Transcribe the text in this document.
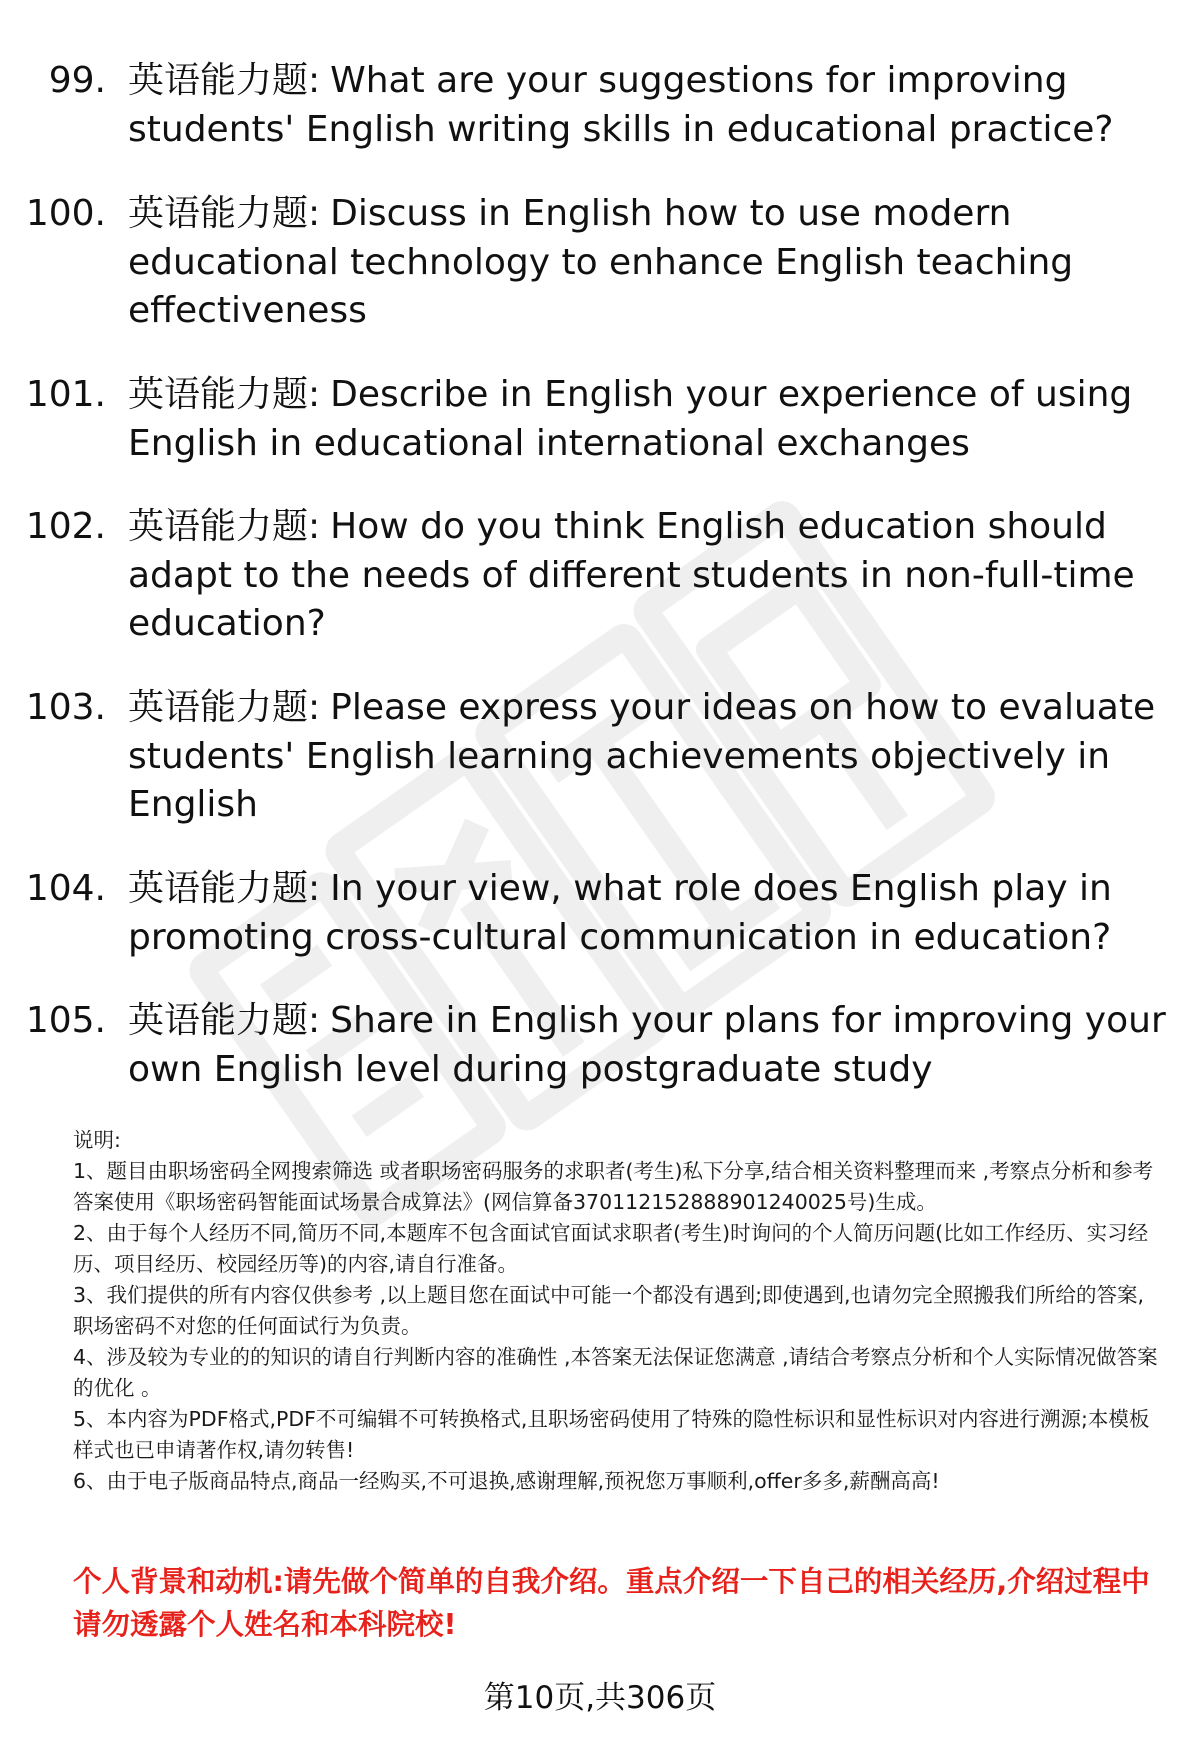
99. 英语能力题: What are your suggestions for improving students' English writing skills in educational practice?
100. 英语能力题: Discuss in English how to use modern educational technology to enhance English teaching effectiveness
101. 英语能力题: Describe in English your experience of using English in educational international exchanges
102. 英语能力题: How do you think English education should adapt to the needs of different students in non-full-time education?
103. 英语能力题: Please express your ideas on how to evaluate students' English learning achievements objectively in English
104. 英语能力题: In your view, what role does English play in promoting cross-cultural communication in education?
105. 英语能力题: Share in English your plans for improving your own English level during postgraduate study
说明:
1、题目由职场密码全网搜索筛选 或者职场密码服务的求职者(考生)私下分享,结合相关资料整理而来 ,考察点分析和参考答案使用《职场密码智能面试场景合成算法》(网信算备370112152888901240025号)生成。
2、由于每个人经历不同,简历不同,本题库不包含面试官面试求职者(考生)时询问的个人简历问题(比如工作经历、实习经历、项目经历、校园经历等)的内容,请自行准备。
3、我们提供的所有内容仅供参考 ,以上题目您在面试中可能一个都没有遇到;即使遇到,也请勿完全照搬我们所给的答案,职场密码不对您的任何面试行为负责。
4、涉及较为专业的的知识的请自行判断内容的准确性 ,本答案无法保证您满意 ,请结合考察点分析和个人实际情况做答案的优化 。
5、本内容为PDF格式,PDF不可编辑不可转换格式,且职场密码使用了特殊的隐性标识和显性标识对内容进行溯源;本模板样式也已申请著作权,请勿转售!
6、由于电子版商品特点,商品一经购买,不可退换,感谢理解,预祝您万事顺利,offer多多,薪酬高高!
个人背景和动机:请先做个简单的自我介绍。重点介绍一下自己的相关经历,介绍过程中请勿透露个人姓名和本科院校!
第10页,共306页
